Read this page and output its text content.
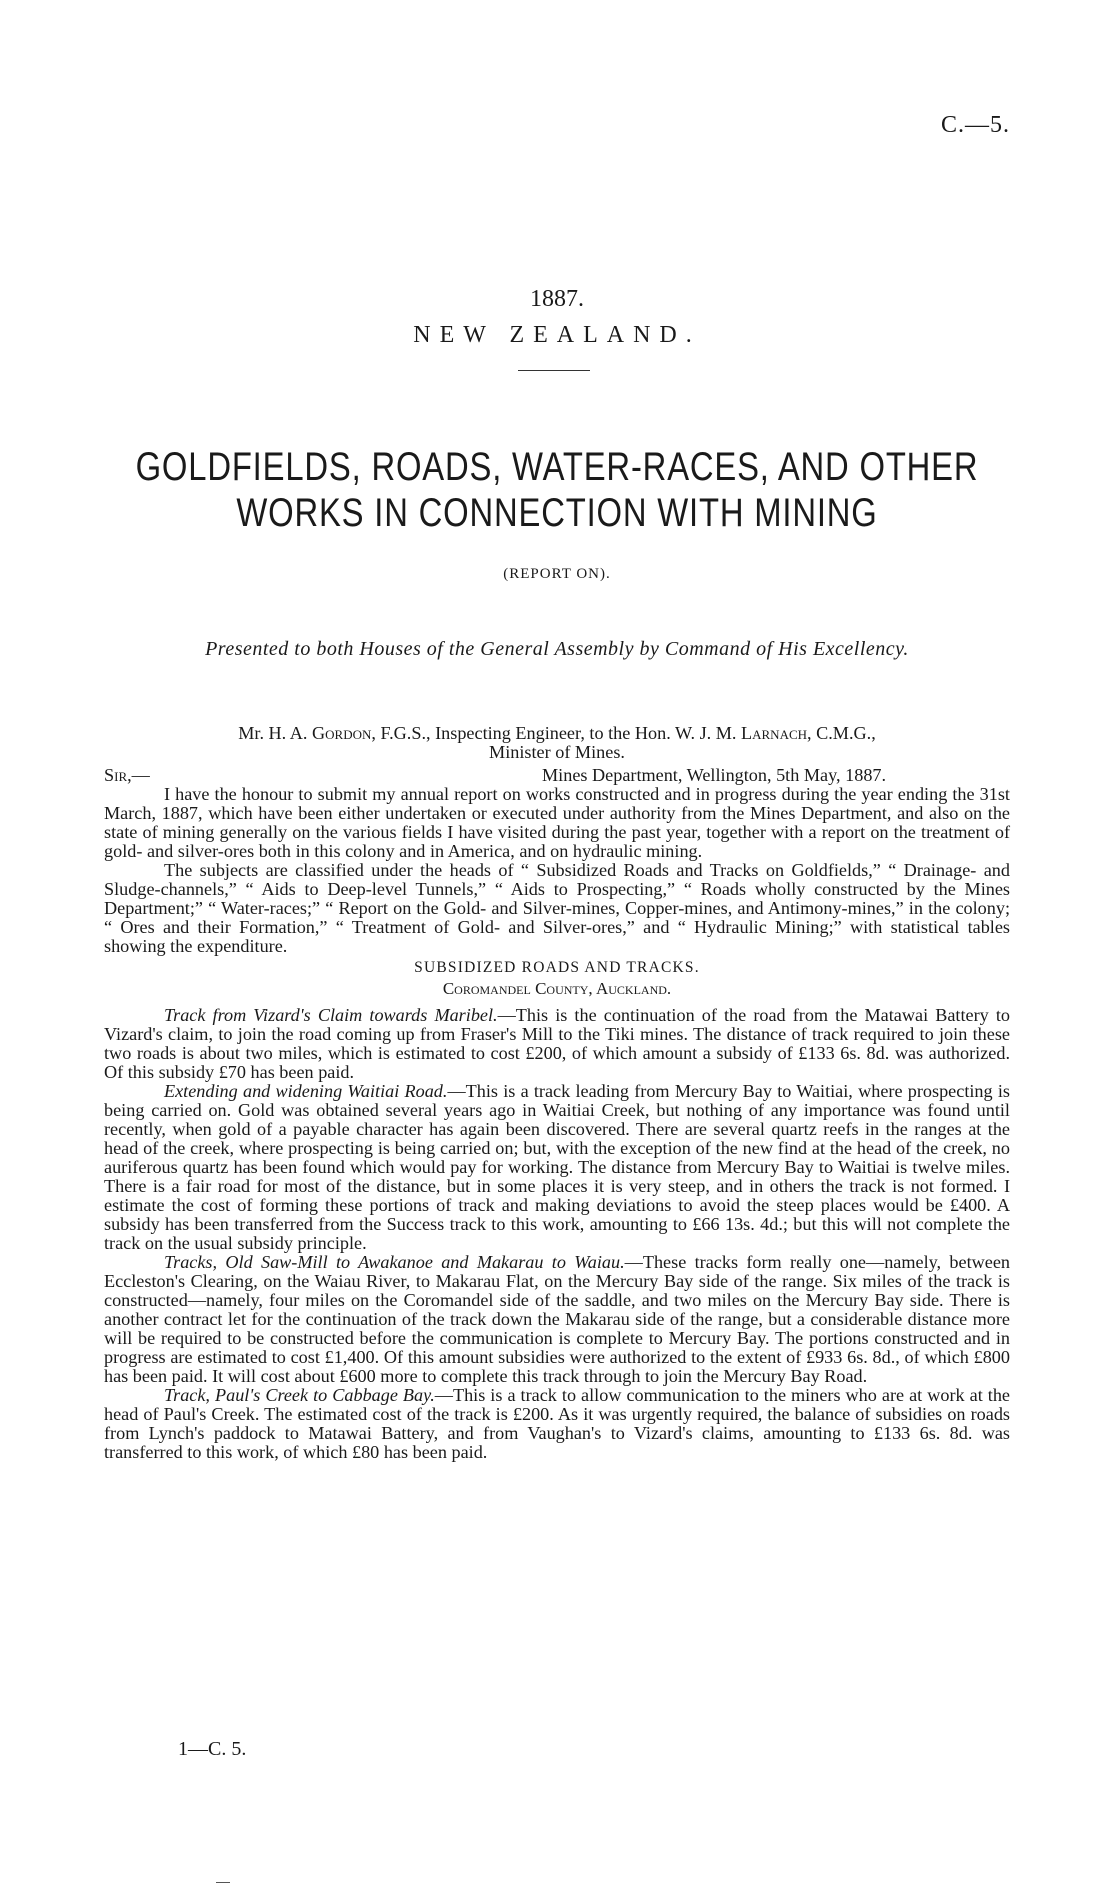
C.—5.
1887.
NEW ZEALAND.
GOLDFIELDS, ROADS, WATER-RACES, AND OTHER
WORKS IN CONNECTION WITH MINING
(REPORT ON).
Presented to both Houses of the General Assembly by Command of His Excellency.
Mr. H. A. Gordon, F.G.S., Inspecting Engineer, to the Hon. W. J. M. Larnach, C.M.G.,
Minister of Mines.
Sir,—	Mines Department, Wellington, 5th May, 1887.

I have the honour to submit my annual report on works constructed and in progress during the year ending the 31st March, 1887, which have been either undertaken or executed under authority from the Mines Department, and also on the state of mining generally on the various fields I have visited during the past year, together with a report on the treatment of gold- and silver-ores both in this colony and in America, and on hydraulic mining.

The subjects are classified under the heads of “ Subsidized Roads and Tracks on Goldfields,” “ Drainage- and Sludge-channels,” “ Aids to Deep-level Tunnels,” “ Aids to Prospecting,” “ Roads wholly constructed by the Mines Department;” “ Water-races;” “ Report on the Gold- and Silver-mines, Copper-mines, and Antimony-mines,” in the colony; “ Ores and their Formation,” “ Treatment of Gold- and Silver-ores,” and “ Hydraulic Mining;” with statistical tables showing the expenditure.

SUBSIDIZED ROADS AND TRACKS.
Coromandel County, Auckland.

Track from Vizard's Claim towards Maribel.—This is the continuation of the road from the Matawai Battery to Vizard's claim, to join the road coming up from Fraser's Mill to the Tiki mines. The distance of track required to join these two roads is about two miles, which is estimated to cost £200, of which amount a subsidy of £133 6s. 8d. was authorized. Of this subsidy £70 has been paid.

Extending and widening Waitiai Road.—This is a track leading from Mercury Bay to Waitiai, where prospecting is being carried on. Gold was obtained several years ago in Waitiai Creek, but nothing of any importance was found until recently, when gold of a payable character has again been discovered. There are several quartz reefs in the ranges at the head of the creek, where prospecting is being carried on; but, with the exception of the new find at the head of the creek, no auriferous quartz has been found which would pay for working. The distance from Mercury Bay to Waitiai is twelve miles. There is a fair road for most of the distance, but in some places it is very steep, and in others the track is not formed. I estimate the cost of forming these portions of track and making deviations to avoid the steep places would be £400. A subsidy has been transferred from the Success track to this work, amounting to £66 13s. 4d.; but this will not complete the track on the usual subsidy principle.

Tracks, Old Saw-Mill to Awakanoe and Makarau to Waiau.—These tracks form really one—namely, between Eccleston's Clearing, on the Waiau River, to Makarau Flat, on the Mercury Bay side of the range. Six miles of the track is constructed—namely, four miles on the Coromandel side of the saddle, and two miles on the Mercury Bay side. There is another contract let for the continuation of the track down the Makarau side of the range, but a considerable distance more will be required to be constructed before the communication is complete to Mercury Bay. The portions constructed and in progress are estimated to cost £1,400. Of this amount subsidies were authorized to the extent of £933 6s. 8d., of which £800 has been paid. It will cost about £600 more to complete this track through to join the Mercury Bay Road.

Track, Paul's Creek to Cabbage Bay.—This is a track to allow communication to the miners who are at work at the head of Paul's Creek. The estimated cost of the track is £200. As it was urgently required, the balance of subsidies on roads from Lynch's paddock to Matawai Battery, and from Vaughan's to Vizard's claims, amounting to £133 6s. 8d. was transferred to this work, of which £80 has been paid.

1—C. 5.
